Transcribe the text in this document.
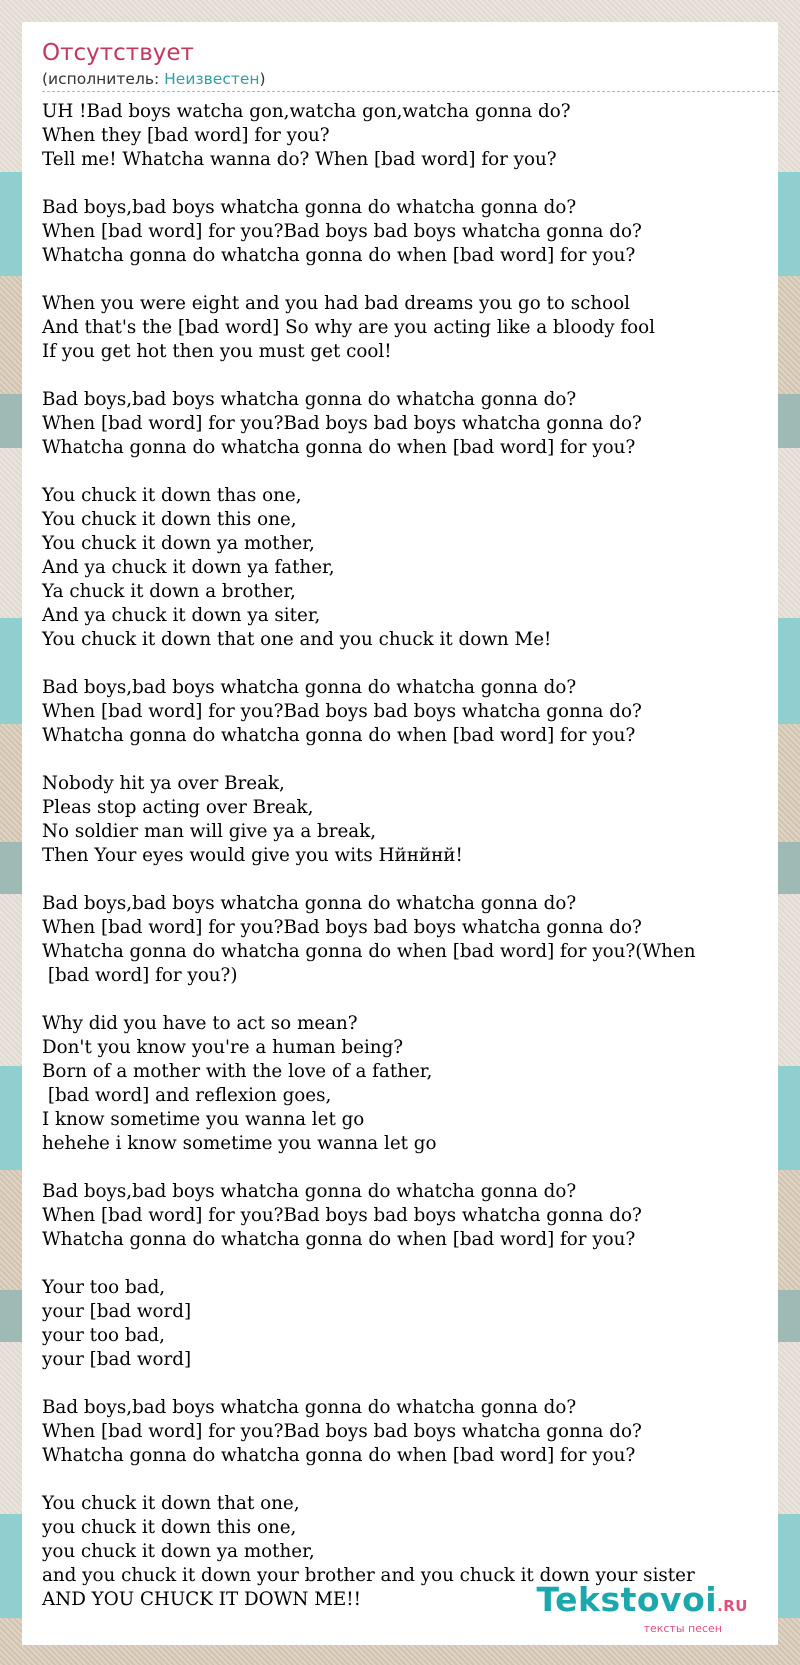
Отсутствует
(исполнитель: Неизвестен)
UH !Bad boys watcha gon,watcha gon,watcha gonna do?
When they [bad word] for you?
Tell me! Whatcha wanna do? When [bad word] for you?

Bad boys,bad boys whatcha gonna do whatcha gonna do?
When [bad word] for you?Bad boys bad boys whatcha gonna do?
Whatcha gonna do whatcha gonna do when [bad word] for you?

When you were eight and you had bad dreams you go to school
And that's the [bad word] So why are you acting like a bloody fool
If you get hot then you must get cool!

Bad boys,bad boys whatcha gonna do whatcha gonna do?
When [bad word] for you?Bad boys bad boys whatcha gonna do?
Whatcha gonna do whatcha gonna do when [bad word] for you?

You chuck it down thas one,
You chuck it down this one,
You chuck it down ya mother,
And ya chuck it down ya father,
Ya chuck it down a brother,
And ya chuck it down ya siter,
You chuck it down that one and you chuck it down Me!

Bad boys,bad boys whatcha gonna do whatcha gonna do?
When [bad word] for you?Bad boys bad boys whatcha gonna do?
Whatcha gonna do whatcha gonna do when [bad word] for you?

Nobody hit ya over Break,
Pleas stop acting over Break,
No soldier man will give ya a break,
Then Your eyes would give you wits Нйнйнй!

Bad boys,bad boys whatcha gonna do whatcha gonna do?
When [bad word] for you?Bad boys bad boys whatcha gonna do?
Whatcha gonna do whatcha gonna do when [bad word] for you?(When
[bad word] for you?)

Why did you have to act so mean?
Don't you know you're a human being?
Born of a mother with the love of a father,
[bad word] and reflexion goes,
I know sometime you wanna let go
hehehe i know sometime you wanna let go

Bad boys,bad boys whatcha gonna do whatcha gonna do?
When [bad word] for you?Bad boys bad boys whatcha gonna do?
Whatcha gonna do whatcha gonna do when [bad word] for you?

Your too bad,
your [bad word]
your too bad,
your [bad word]

Bad boys,bad boys whatcha gonna do whatcha gonna do?
When [bad word] for you?Bad boys bad boys whatcha gonna do?
Whatcha gonna do whatcha gonna do when [bad word] for you?

You chuck it down that one,
you chuck it down this one,
you chuck it down ya mother,
and you chuck it down your brother and you chuck it down your sister
AND YOU CHUCK IT DOWN ME!!	Tekstovoi.RU
тексты песен
